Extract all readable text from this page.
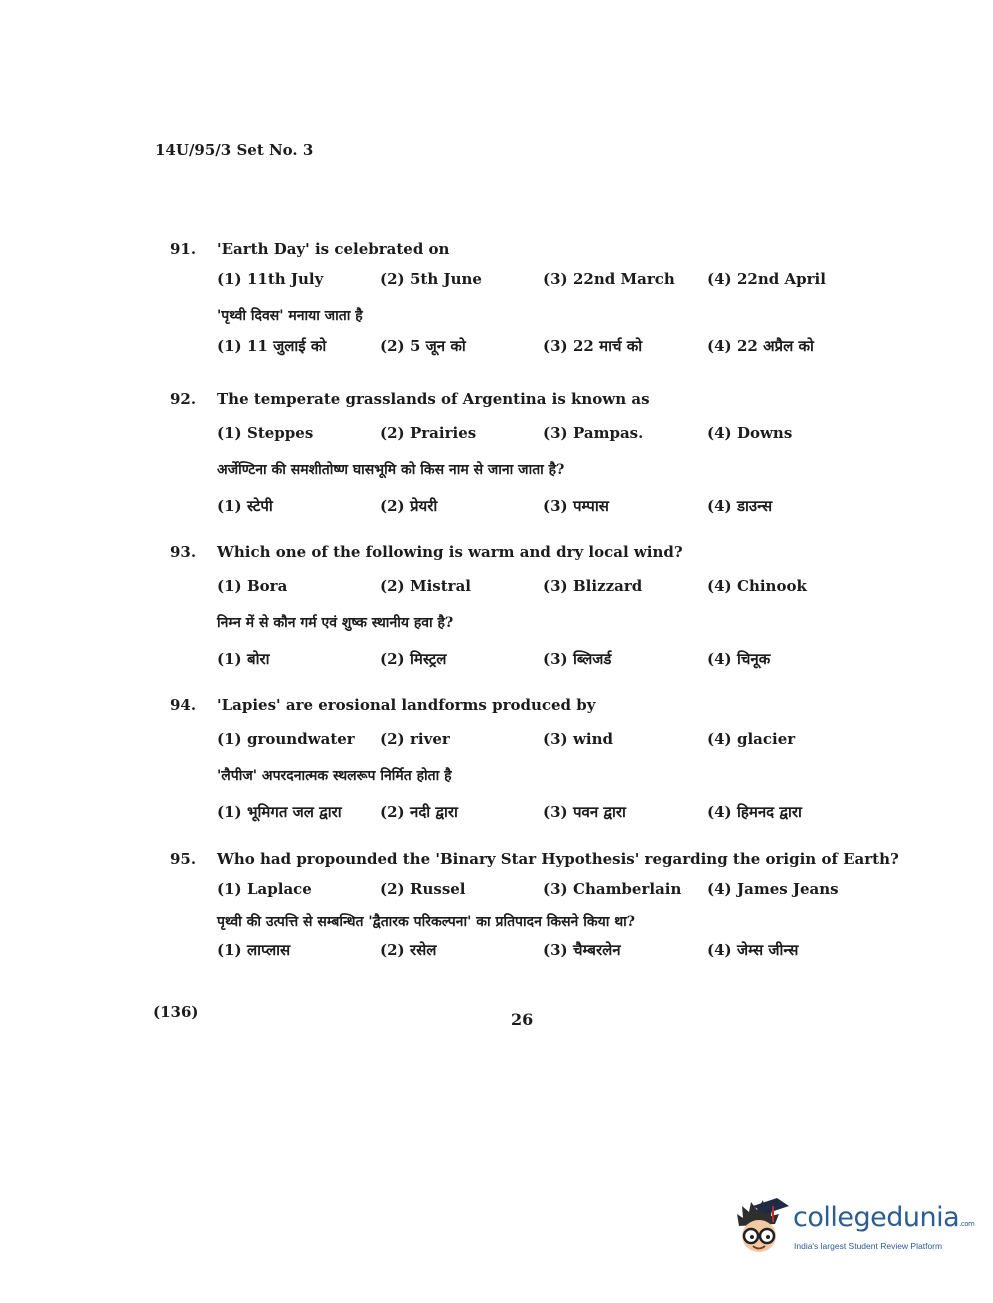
14U/95/3 Set No. 3
91.	'Earth Day' is celebrated on
(1) 11th July	(2) 5th June	(3) 22nd March (4) 22nd April
'पृथ्वी दिवस' मनाया जाता है
(1) 11 जुलाई को	(2) 5 जून को	(3) 22 मार्च को	(4) 22 अप्रैल को
92.	The temperate grasslands of Argentina is known as
(1) Steppes	(2) Prairies	(3) Pampas.	(4) Downs
अर्जेण्टिना की समशीतोष्ण घासभूमि को किस नाम से जाना जाता है?
(1) स्टेपी	(2) प्रेयरी	(3) पम्पास	(4) डाउन्स
93.	Which one of the following is warm and dry local wind?
(1) Bora	(2) Mistral	(3) Blizzard	(4) Chinook
निम्न में से कौन गर्म एवं शुष्क स्थानीय हवा है?
(1) बोरा	(2) मिस्ट्रल	(3) ब्लिजर्ड	(4) चिनूक
94.	'Lapies' are erosional landforms produced by
(1) groundwater (2) river	(3) wind	(4) glacier
'लैपीज' अपरदनात्मक स्थलरूप निर्मित होता है
(1) भूमिगत जल द्वारा	(2) नदी द्वारा	(3) पवन द्वारा	(4) हिमनद द्वारा
95.	Who had propounded the 'Binary Star Hypothesis' regarding the origin of Earth?
(1) Laplace	(2) Russel	(3) Chamberlain (4) James Jeans
पृथ्वी की उत्पत्ति से सम्बन्धित 'द्वैतारक परिकल्पना' का प्रतिपादन किसने किया था?
(1) लाप्लास	(2) रसेल	(3) चैम्बरलेन	(4) जेम्स जीन्स
(136)	26
collegedunia.com
India's largest Student Review Platform
